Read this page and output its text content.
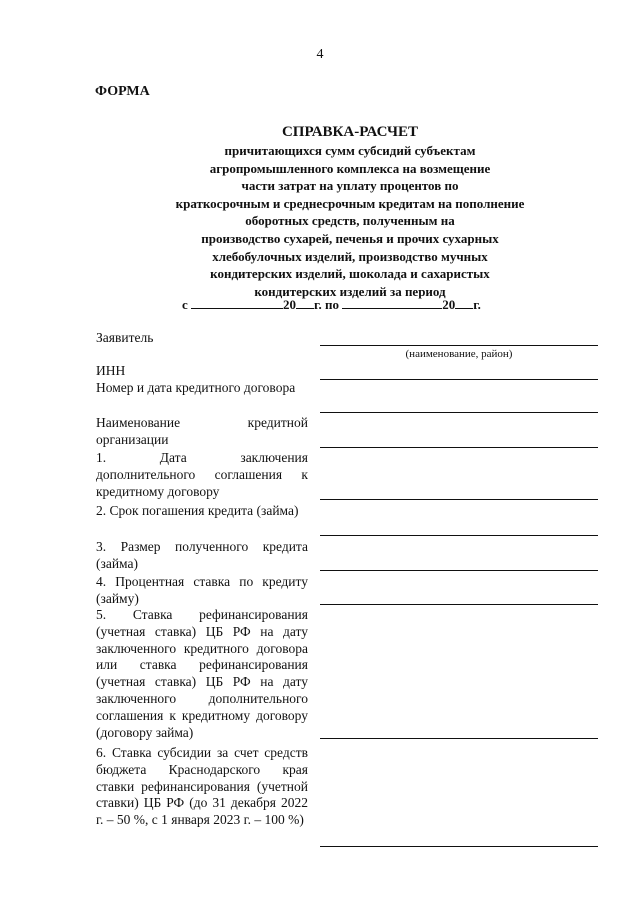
4
ФОРМА
СПРАВКА-РАСЧЕТ
причитающихся сумм субсидий субъектам
агропромышленного комплекса на возмещение
части затрат на уплату процентов по
краткосрочным и среднесрочным кредитам на пополнение
оборотных средств, полученным на
производство сухарей, печенья и прочих сухарных
хлебобулочных изделий, производство мучных
кондитерских изделий, шоколада и сахаристых
кондитерских изделий за период
с	20 г. по	20 г.
Заявитель
ИНН
Номер и дата кредитного договора
Наименование кредитной организации
1. Дата заключения дополнительного соглашения к кредитному договору
2. Срок погашения кредита (займа)
3. Размер полученного кредита (займа)
4. Процентная ставка по кредиту (займу)
5. Ставка рефинансирования (учетная ставка) ЦБ РФ на дату заключенного кредитного договора или ставка рефинансирования (учетная ставка) ЦБ РФ на дату заключенного дополнительного соглашения к кредитному договору (договору займа)
6. Ставка субсидии за счет средств бюджета Краснодарского края ставки рефинансирования (учетной ставки) ЦБ РФ (до 31 декабря 2022 г. – 50 %, с 1 января 2023 г. – 100 %)
(наименование, район)
